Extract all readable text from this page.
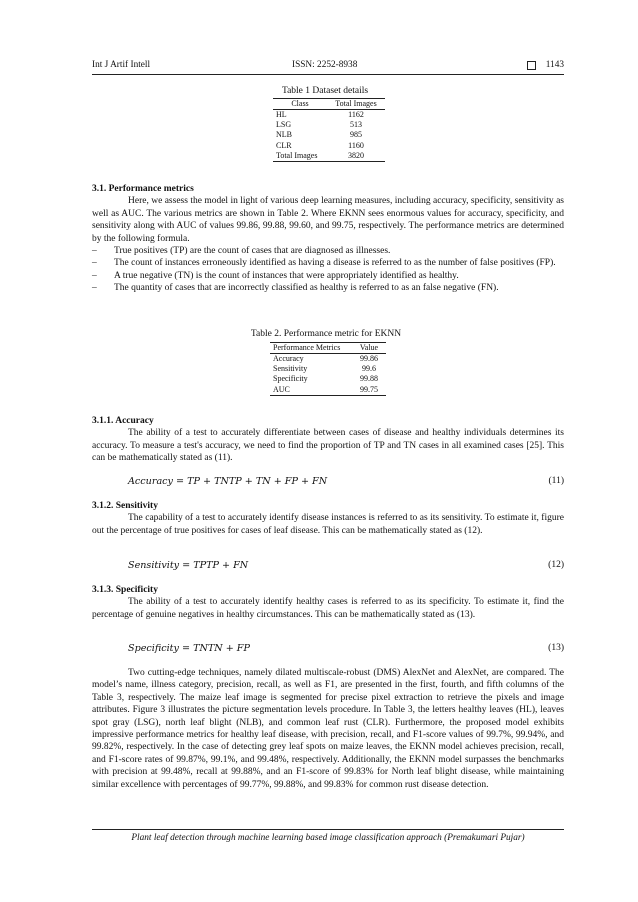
Int J Artif Intell	ISSN: 2252-8938	1143
Table 1 Dataset details
Class	Total Images
HL	1162
LSG	513
NLB	985
CLR	1160
Total Images	3820
3.1. Performance metrics
Here, we assess the model in light of various deep learning measures, including accuracy, specificity, sensitivity as well as AUC. The various metrics are shown in Table 2. Where EKNN sees enormous values for accuracy, specificity, and sensitivity along with AUC of values 99.86, 99.88, 99.60, and 99.75, respectively. The performance metrics are determined by the following formula.
– True positives (TP) are the count of cases that are diagnosed as illnesses.
– The count of instances erroneously identified as having a disease is referred to as the number of false positives (FP).
– A true negative (TN) is the count of instances that were appropriately identified as healthy.
– The quantity of cases that are incorrectly classified as healthy is referred to as an false negative (FN).
Table 2. Performance metric for EKNN
Performance Metrics	Value
Accuracy	99.86
Sensitivity	99.6
Specificity	99.88
AUC	99.75
3.1.1. Accuracy
The ability of a test to accurately differentiate between cases of disease and healthy individuals determines its accuracy. To measure a test's accuracy, we need to find the proportion of TP and TN cases in all examined cases [25]. This can be mathematically stated as (11).
Accuracy = TP + TNTP + TN + FP + FN	(11)
3.1.2. Sensitivity
The capability of a test to accurately identify disease instances is referred to as its sensitivity. To estimate it, figure out the percentage of true positives for cases of leaf disease. This can be mathematically stated as (12).
Sensitivity = TPTP + FN	(12)
3.1.3. Specificity
The ability of a test to accurately identify healthy cases is referred to as its specificity. To estimate it, find the percentage of genuine negatives in healthy circumstances. This can be mathematically stated as (13).
Specificity = TNTN + FP	(13)
Two cutting-edge techniques, namely dilated multiscale-robust (DMS) AlexNet and AlexNet, are compared. The model’s name, illness category, precision, recall, as well as F1, are presented in the first, fourth, and fifth columns of the Table 3, respectively. The maize leaf image is segmented for precise pixel extraction to retrieve the pixels and image attributes. Figure 3 illustrates the picture segmentation levels procedure. In Table 3, the letters healthy leaves (HL), leaves spot gray (LSG), north leaf blight (NLB), and common leaf rust (CLR). Furthermore, the proposed model exhibits impressive performance metrics for healthy leaf disease, with precision, recall, and F1-score values of 99.7%, 99.94%, and 99.82%, respectively. In the case of detecting grey leaf spots on maize leaves, the EKNN model achieves precision, recall, and F1-score rates of 99.87%, 99.1%, and 99.48%, respectively. Additionally, the EKNN model surpasses the benchmarks with precision at 99.48%, recall at 99.88%, and an F1-score of 99.83% for North leaf blight disease, while maintaining similar excellence with percentages of 99.77%, 99.88%, and 99.83% for common rust disease detection.
Plant leaf detection through machine learning based image classification approach (Premakumari Pujar)
